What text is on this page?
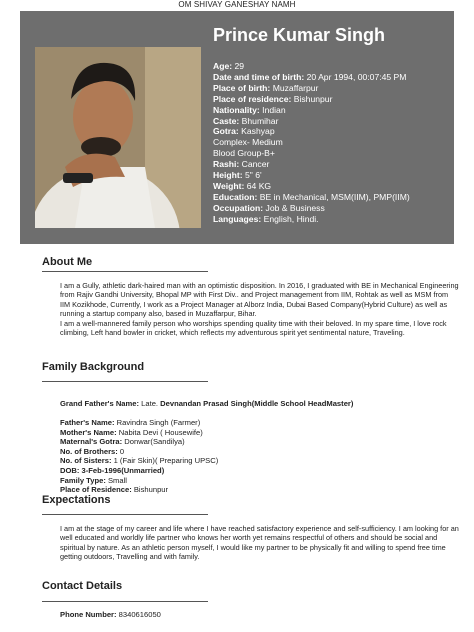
OM SHIVAY GANESHAY NAMH
Prince Kumar Singh
Age: 29
Date and time of birth: 20 Apr 1994, 00:07:45 PM
Place of birth: Muzaffarpur
Place of residence: Bishunpur
Nationality: Indian
Caste: Bhumihar
Gotra: Kashyap
Complex- Medium
Blood Group-B+
Rashi: Cancer
Height: 5" 6'
Weight: 64 KG
Education: BE in Mechanical, MSM(IIM), PMP(IIM)
Occupation: Job & Business
Languages: English, Hindi.
About Me
I am a Gully, athletic dark-haired man with an optimistic disposition. In 2016, I graduated with BE in Mechanical Engineering from Rajiv Gandhi University, Bhopal MP with First Div.. and Project management from IIM, Rohtak as well as MSM from IIM Kozikhode, Currently, I work as a Project Manager at Alborz India, Dubai Based Company(Hybrid Culture) as well as running a startup company also, based in Muzaffarpur, Bihar.
I am a well-mannered family person who worships spending quality time with their beloved. In my spare time, I love rock climbing, Left hand bowler in cricket, which reflects my adventurous spirit yet sentimental nature, Traveling.
Family Background
Grand Father's Name: Late. Devnandan Prasad Singh(Middle School HeadMaster)
Father's Name: Ravindra Singh (Farmer)
Mother's Name: Nabita Devi ( Housewife)
Maternal's Gotra: Donwar(Sandilya)
No. of Brothers: 0
No. of Sisters: 1 (Fair Skin)( Preparing UPSC)
DOB: 3-Feb-1996(Unmarried)
Family Type: Small
Place of Residence: Bishunpur
Expectations
I am at the stage of my career and life where I have reached satisfactory experience and self-sufficiency. I am looking for an well educated and worldly life partner who knows her worth yet remains respectful of others and should be social and spiritual by nature. As an athletic person myself, I would like my partner to be physically fit and willing to spend free time getting outdoors, Travelling and with family.
Contact Details
Phone Number: 8340616050
